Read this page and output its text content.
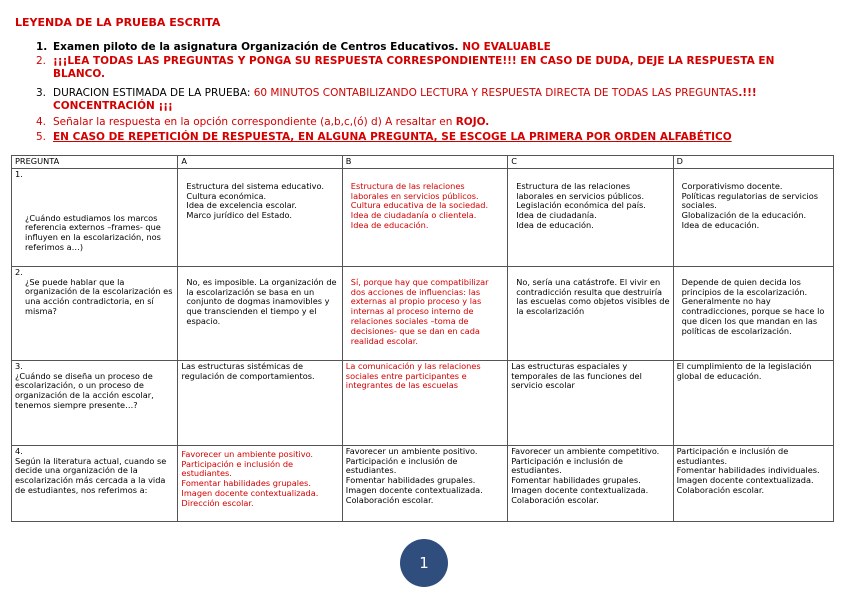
LEYENDA DE LA PRUEBA ESCRITA
1. Examen piloto de la asignatura Organización de Centros Educativos. NO EVALUABLE
2. ¡¡¡LEA TODAS LAS PREGUNTAS Y PONGA SU RESPUESTA CORRESPONDIENTE!!! EN CASO DE DUDA, DEJE LA RESPUESTA EN BLANCO.
3. DURACION ESTIMADA DE LA PRUEBA: 60 MINUTOS CONTABILIZANDO LECTURA Y RESPUESTA DIRECTA DE TODAS LAS PREGUNTAS.!!! CONCENTRACIÓN ¡¡¡
4. Señalar la respuesta en la opción correspondiente (a,b,c,(ó) d) A resaltar en ROJO.
5. EN CASO DE REPETICIÓN DE RESPUESTA, EN ALGUNA PREGUNTA, SE ESCOGE LA PRIMERA POR ORDEN ALFABÉTICO
PREGUNTA	A	B	C	D

1.
¿Cuándo estudiamos los marcos referencia externos –frames- que influyen en la escolarización, nos referimos a…)	Estructura del sistema educativo.
Cultura económica.
Idea de excelencia escolar.
Marco jurídico del Estado.	Estructura de las relaciones laborales en servicios públicos.
Cultura educativa de la sociedad.
Idea de ciudadanía o clientela.
Idea de educación.	Estructura de las relaciones laborales en servicios públicos.
Legislación económica del país.
Idea de ciudadanía.
Idea de educación.	Corporativismo docente.
Políticas regulatorias de servicios sociales.
Globalización de la educación.
Idea de educación.

2.
¿Se puede hablar que la organización de la escolarización es una acción contradictoria, en sí misma?	No, es imposible. La organización de la escolarización se basa en un conjunto de dogmas inamovibles y que transcienden el tiempo y el espacio.	Sí, porque hay que compatibilizar dos acciones de influencias: las externas al propio proceso y las internas al proceso interno de relaciones sociales –toma de decisiones- que se dan en cada realidad escolar.	No, sería una catástrofe. El vivir en contradicción resulta que destruiría las escuelas como objetos visibles de la escolarización	Depende de quien decida los principios de la escolarización. Generalmente no hay contradicciones, porque se hace lo que dicen los que mandan en las políticas de escolarización.

3.
¿Cuándo se diseña un proceso de escolarización, o un proceso de organización de la acción escolar, tenemos siempre presente…?	Las estructuras sistémicas de regulación de comportamientos.	La comunicación y las relaciones sociales entre participantes e integrantes de las escuelas	Las estructuras espaciales y temporales de las funciones del servicio escolar	El cumplimiento de la legislación global de educación.

4.
Según la literatura actual, cuando se decide una organización de la escolarización más cercada a la vida de estudiantes, nos referimos a:	Favorecer un ambiente positivo.
Participación e inclusión de estudiantes.
Fomentar habilidades grupales.
Imagen docente contextualizada.
Dirección escolar.	Favorecer un ambiente positivo.
Participación e inclusión de estudiantes.
Fomentar habilidades grupales.
Imagen docente contextualizada.
Colaboración escolar.	Favorecer un ambiente competitivo.
Participación e inclusión de estudiantes.
Fomentar habilidades grupales.
Imagen docente contextualizada.
Colaboración escolar.	Participación e inclusión de estudiantes.
Fomentar habilidades individuales.
Imagen docente contextualizada.
Colaboración escolar.
1
